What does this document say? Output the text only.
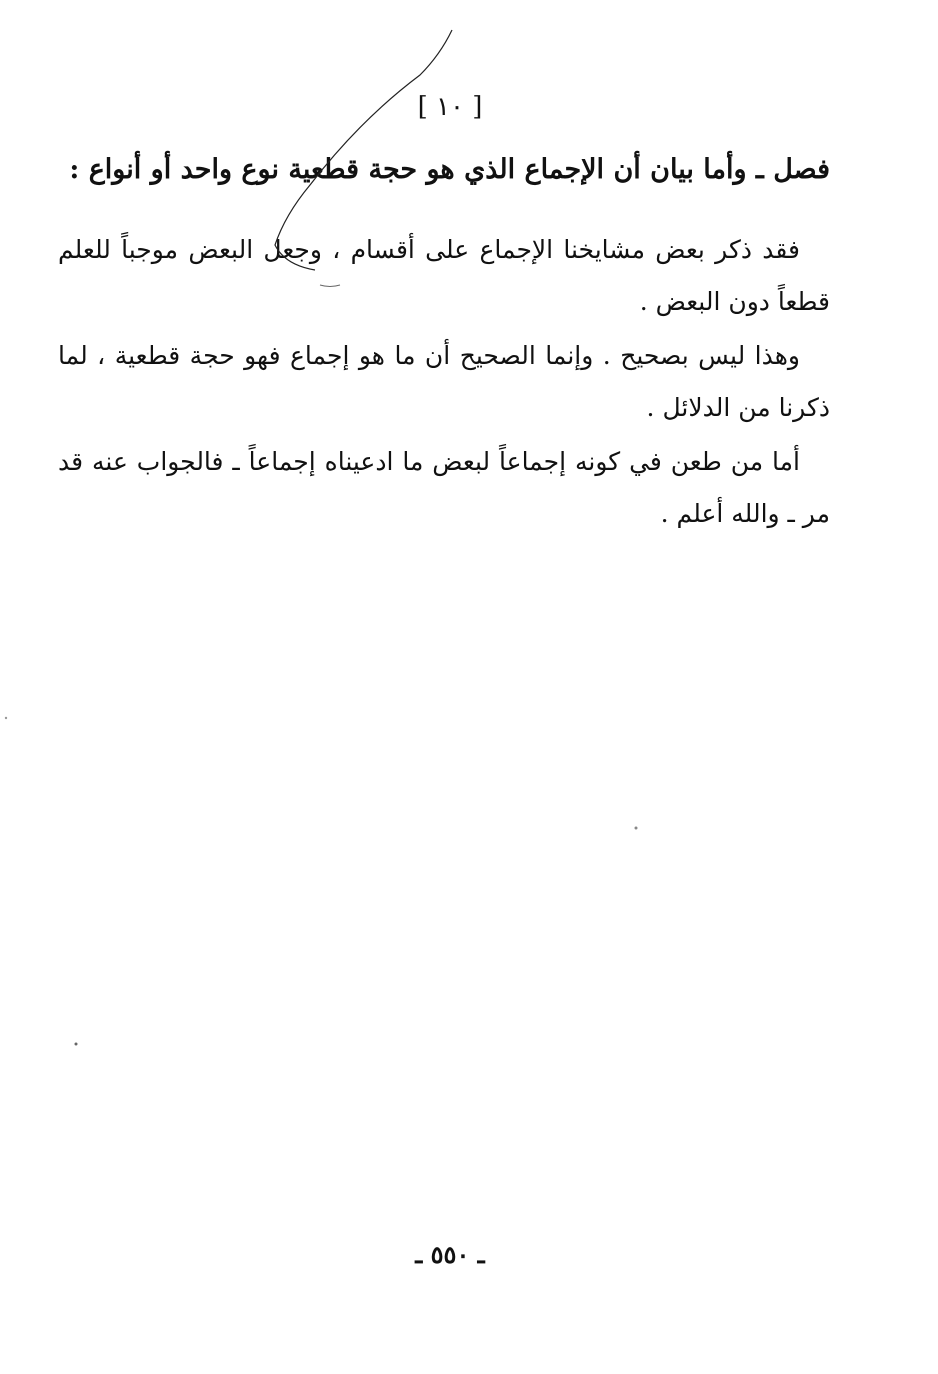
[ ١٠ ]
فصل ـ وأما بيان أن الإجماع الذي هو حجة قطعية نوع واحد أو أنواع :
فقد ذكر بعض مشايخنا الإجماع على أقسام ، وجعل البعض موجباً للعلم قطعاً دون البعض .
وهذا ليس بصحيح . وإنما الصحيح أن ما هو إجماع فهو حجة قطعية ، لما ذكرنا من الدلائل .
أما من طعن في كونه إجماعاً لبعض ما ادعيناه إجماعاً ـ فالجواب عنه قد مر ـ والله أعلم .
ـ ٥٥٠ ـ
